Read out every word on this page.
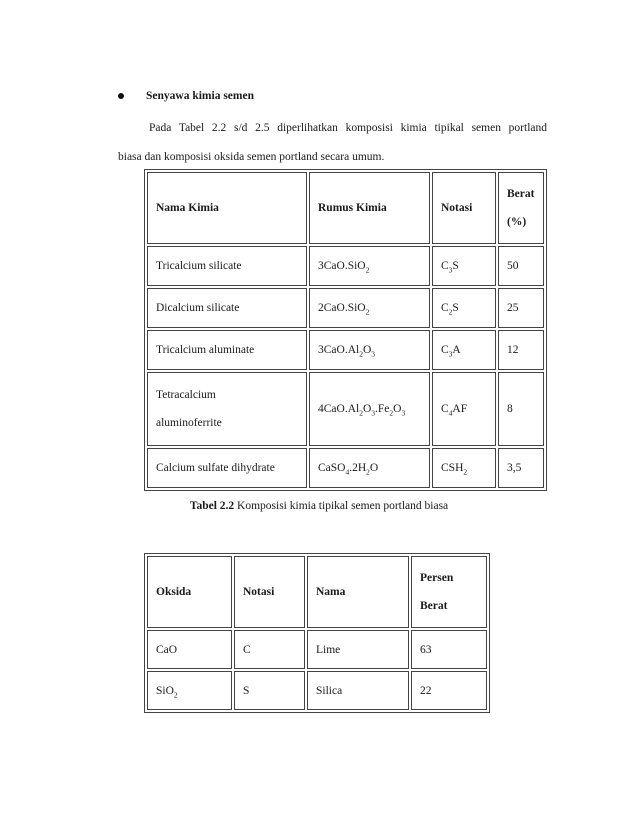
Senyawa kimia semen
Pada Tabel 2.2 s/d 2.5 diperlihatkan komposisi kimia tipikal semen portland
biasa dan komposisi oksida semen portland secara umum.
Nama Kimia	Rumus Kimia	Notasi	Berat
(%)
Tricalcium silicate	3CaO.SiO$_2$	$C_3S$	50
Dicalcium silicate	2CaO.SiO$_2$	$C_2S$	25
Tricalcium aluminate	$3CaO.Al_2O_3$	$C_3A$	12
Tetracalcium
aluminoferrite	$4CaO.Al_2O_3.Fe_2O_3$	$C_4AF$	8
Calcium sulfate dihydrate	$CaSO_4.2H_2O$	$CSH_2$	3,5
Tabel 2.2 Komposisi kimia tipikal semen portland biasa
Oksida	Notasi	Nama	Persen
Berat
CaO	C	Lime	63
SiO$_2$	S	Silica	22
